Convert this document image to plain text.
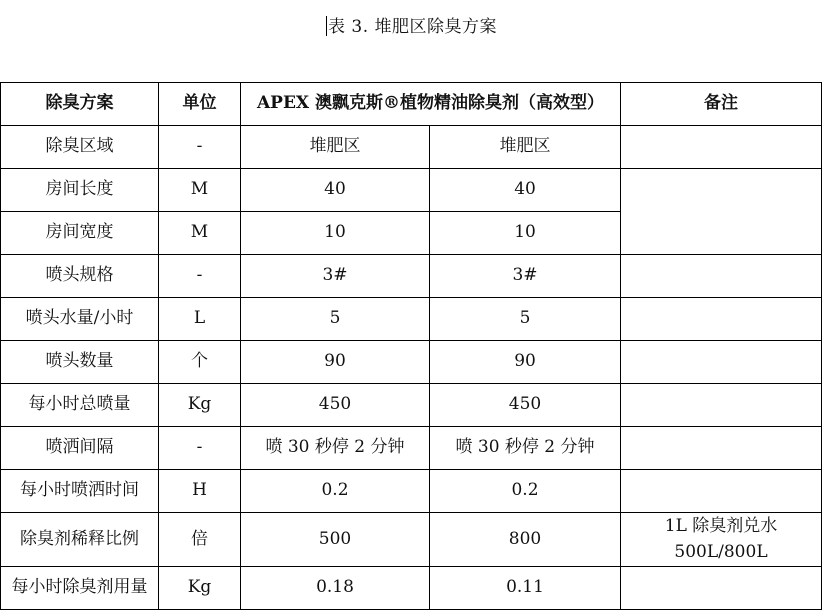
表 3. 堆肥区除臭方案
除臭方案	单位	APEX 澳飘克斯®植物精油除臭剂（高效型）		备注
除臭区域	-	堆肥区	堆肥区	
房间长度	M	40	40	
房间宽度	M	10	10	
喷头规格	-	3#	3#	
喷头水量/小时	L	5	5	
喷头数量	个	90	90	
每小时总喷量	Kg	450	450	
喷洒间隔	-	喷 30 秒停 2 分钟	喷 30 秒停 2 分钟	
每小时喷洒时间	H	0.2	0.2	
除臭剂稀释比例	倍	500	800	1L 除臭剂兑水
500L/800L

每小时除臭剂用量	Kg	0.18	0.11	
